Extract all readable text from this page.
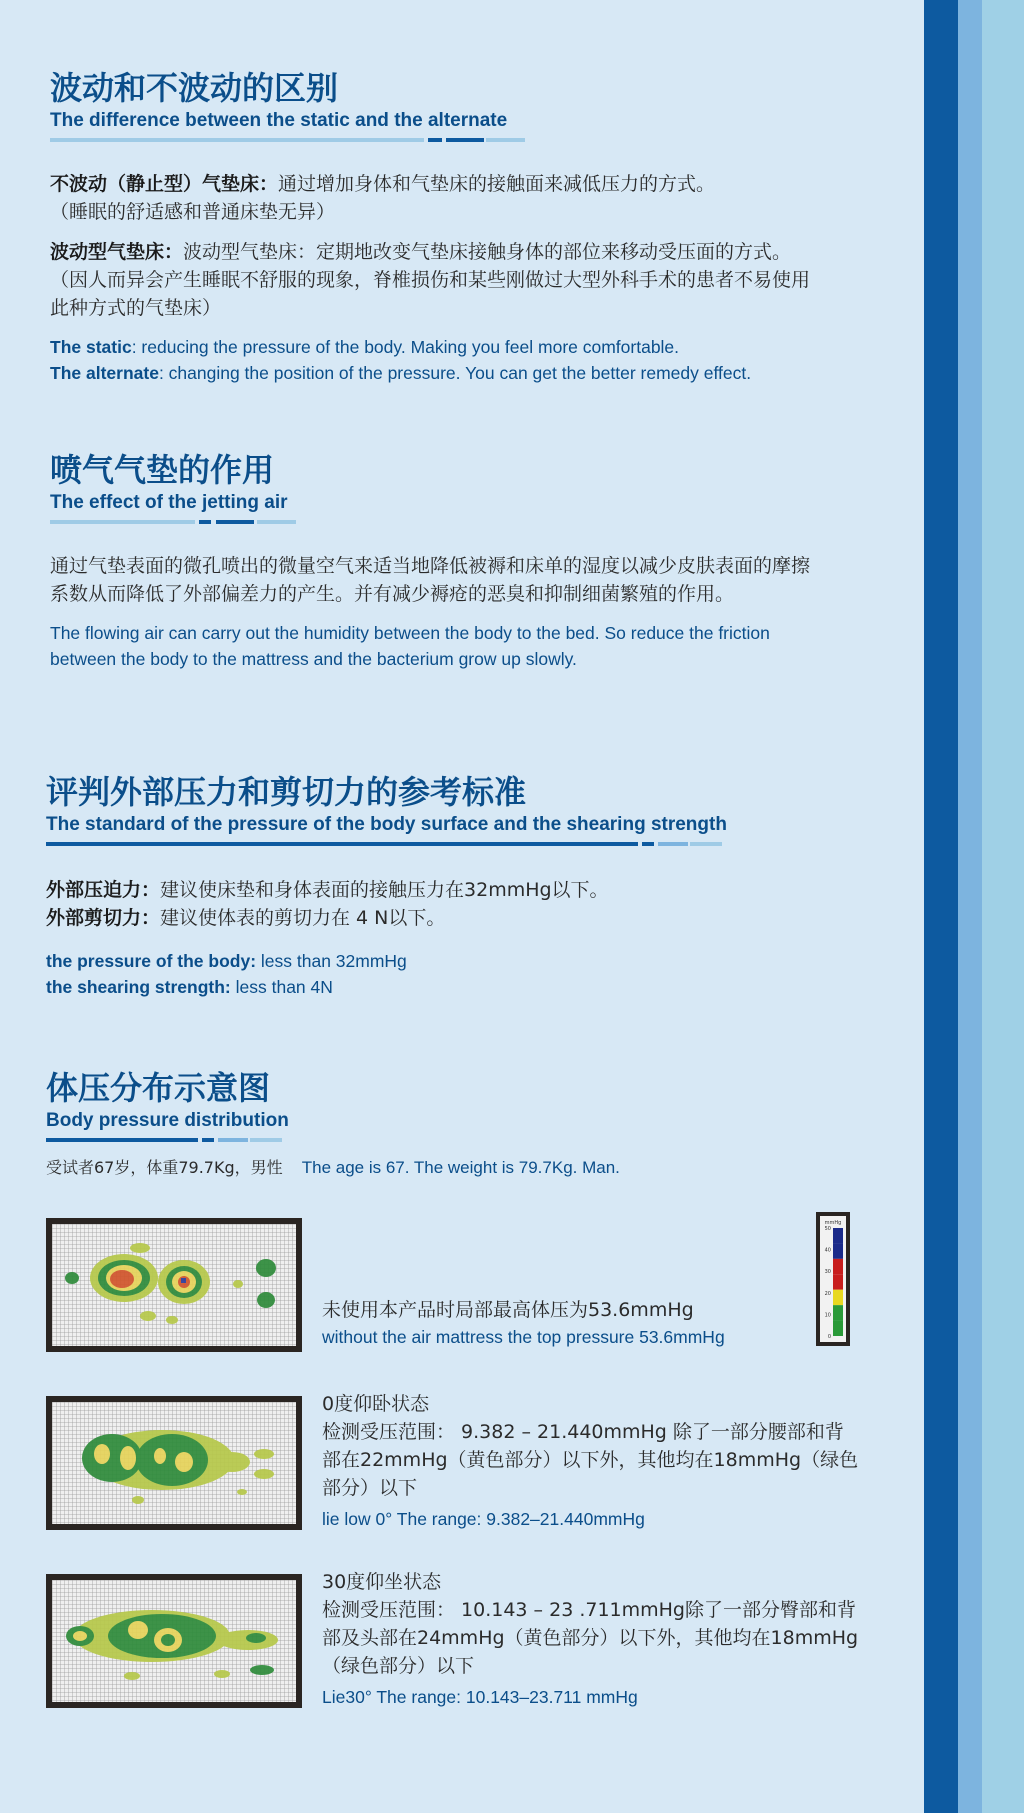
波动和不波动的区别
The difference between the static and the alternate
不波动（静止型）气垫床：通过增加身体和气垫床的接触面来减低压力的方式。
（睡眠的舒适感和普通床垫无异）
波动型气垫床：波动型气垫床：定期地改变气垫床接触身体的部位来移动受压面的方式。（因人而异会产生睡眠不舒服的现象，脊椎损伤和某些刚做过大型外科手术的患者不易使用此种方式的气垫床）
The static: reducing the pressure of the body. Making you feel more comfortable.
The alternate: changing the position of the pressure. You can get the better remedy effect.
喷气气垫的作用
The effect of the jetting air
通过气垫表面的微孔喷出的微量空气来适当地降低被褥和床单的湿度以减少皮肤表面的摩擦系数从而降低了外部偏差力的产生。并有减少褥疮的恶臭和抑制细菌繁殖的作用。
The flowing air can carry out the humidity between the body to the bed. So reduce the friction between the body to the mattress and the bacterium grow up slowly.
评判外部压力和剪切力的参考标准
The standard of the pressure of the body surface and the shearing strength
外部压迫力：建议使床垫和身体表面的接触压力在32mmHg以下。
外部剪切力：建议使体表的剪切力在 4 N以下。
the pressure of the body: less than 32mmHg
the shearing strength: less than 4N
体压分布示意图
Body pressure distribution
受试者67岁，体重79.7Kg，男性 The age is 67. The weight is 79.7Kg. Man.
未使用本产品时局部最高体压为53.6mmHg
without the air mattress the top pressure 53.6mmHg
mmHg
50
40
30
20
10
0
0度仰卧状态
检测受压范围： 9.382 – 21.440mmHg 除了一部分腰部和背部在22mmHg（黄色部分）以下外，其他均在18mmHg（绿色部分）以下
lie low 0° The range: 9.382–21.440mmHg
30度仰坐状态
检测受压范围： 10.143 – 23 .711mmHg除了一部分臀部和背部及头部在24mmHg（黄色部分）以下外，其他均在18mmHg （绿色部分）以下
Lie30° The range: 10.143–23.711 mmHg
